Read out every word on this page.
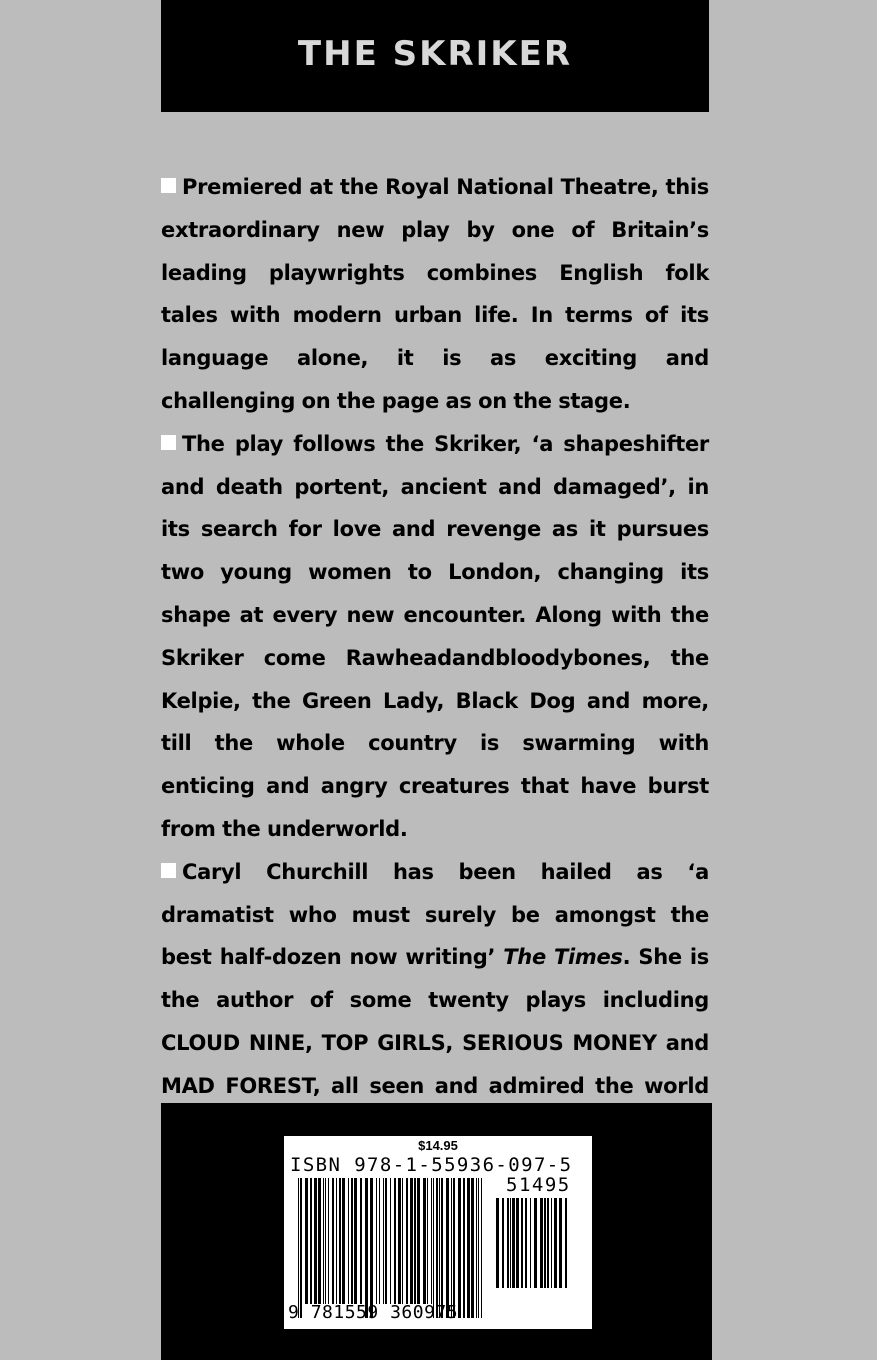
THE SKRIKER

Premiered at the Royal National Theatre, this extraordinary new play by one of Britain’s leading playwrights combines English folk tales with modern urban life. In terms of its language alone, it is as exciting and challenging on the page as on the stage.

The play follows the Skriker, ‘a shapeshifter and death portent, ancient and damaged’, in its search for love and revenge as it pursues two young women to London, changing its shape at every new encounter. Along with the Skriker come Rawheadandbloodybones, the Kelpie, the Green Lady, Black Dog and more, till the whole country is swarming with enticing and angry creatures that have burst from the underworld.

Caryl Churchill has been hailed as ‘a dramatist who must surely be amongst the best half-dozen now writing’ The Times. She is the author of some twenty plays including CLOUD NINE, TOP GIRLS, SERIOUS MONEY and MAD FOREST, all seen and admired the world

$14.95
ISBN 978-1-55936-097-5
51495
9 781559 360975
